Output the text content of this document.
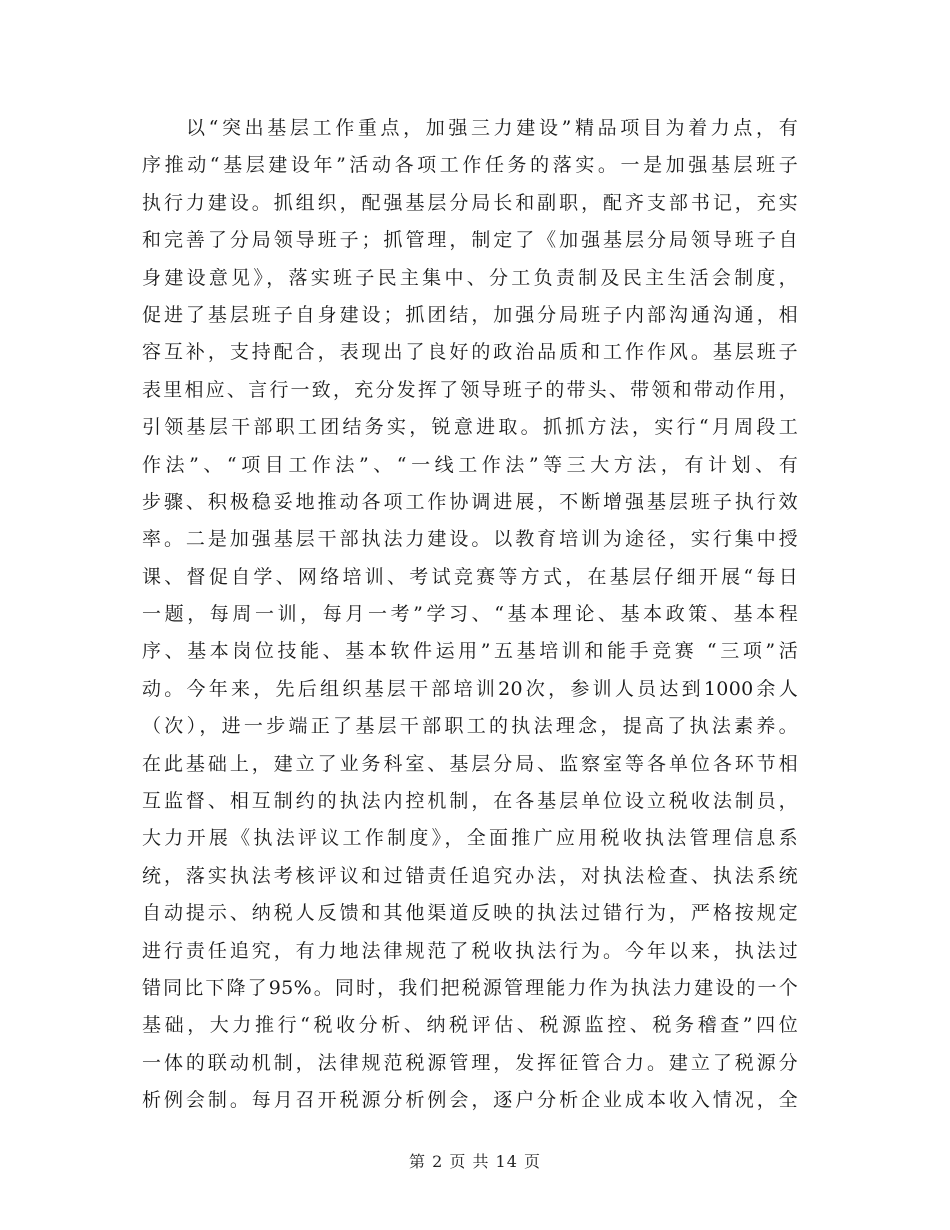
以“突出基层工作重点，加强三力建设”精品项目为着力点，有
序推动“基层建设年”活动各项工作任务的落实。一是加强基层班子
执行力建设。抓组织，配强基层分局长和副职，配齐支部书记，充实
和完善了分局领导班子；抓管理，制定了《加强基层分局领导班子自
身建设意见》，落实班子民主集中、分工负责制及民主生活会制度，
促进了基层班子自身建设；抓团结，加强分局班子内部沟通沟通，相
容互补，支持配合，表现出了良好的政治品质和工作作风。基层班子
表里相应、言行一致，充分发挥了领导班子的带头、带领和带动作用，
引领基层干部职工团结务实，锐意进取。抓抓方法，实行“月周段工
作法”、“项目工作法”、“一线工作法”等三大方法，有计划、有
步骤、积极稳妥地推动各项工作协调进展，不断增强基层班子执行效
率。二是加强基层干部执法力建设。以教育培训为途径，实行集中授
课、督促自学、网络培训、考试竞赛等方式，在基层仔细开展“每日
一题，每周一训，每月一考”学习、“基本理论、基本政策、基本程
序、基本岗位技能、基本软件运用”五基培训和能手竞赛 “三项”活
动。今年来，先后组织基层干部培训20次，参训人员达到1000余人
（次），进一步端正了基层干部职工的执法理念，提高了执法素养。
在此基础上，建立了业务科室、基层分局、监察室等各单位各环节相
互监督、相互制约的执法内控机制，在各基层单位设立税收法制员，
大力开展《执法评议工作制度》，全面推广应用税收执法管理信息系
统，落实执法考核评议和过错责任追究办法，对执法检查、执法系统
自动提示、纳税人反馈和其他渠道反映的执法过错行为，严格按规定
进行责任追究，有力地法律规范了税收执法行为。今年以来，执法过
错同比下降了95%。同时，我们把税源管理能力作为执法力建设的一个
基础，大力推行“税收分析、纳税评估、税源监控、税务稽查”四位
一体的联动机制，法律规范税源管理，发挥征管合力。建立了税源分
析例会制。每月召开税源分析例会，逐户分析企业成本收入情况，全
第 2 页 共 14 页
